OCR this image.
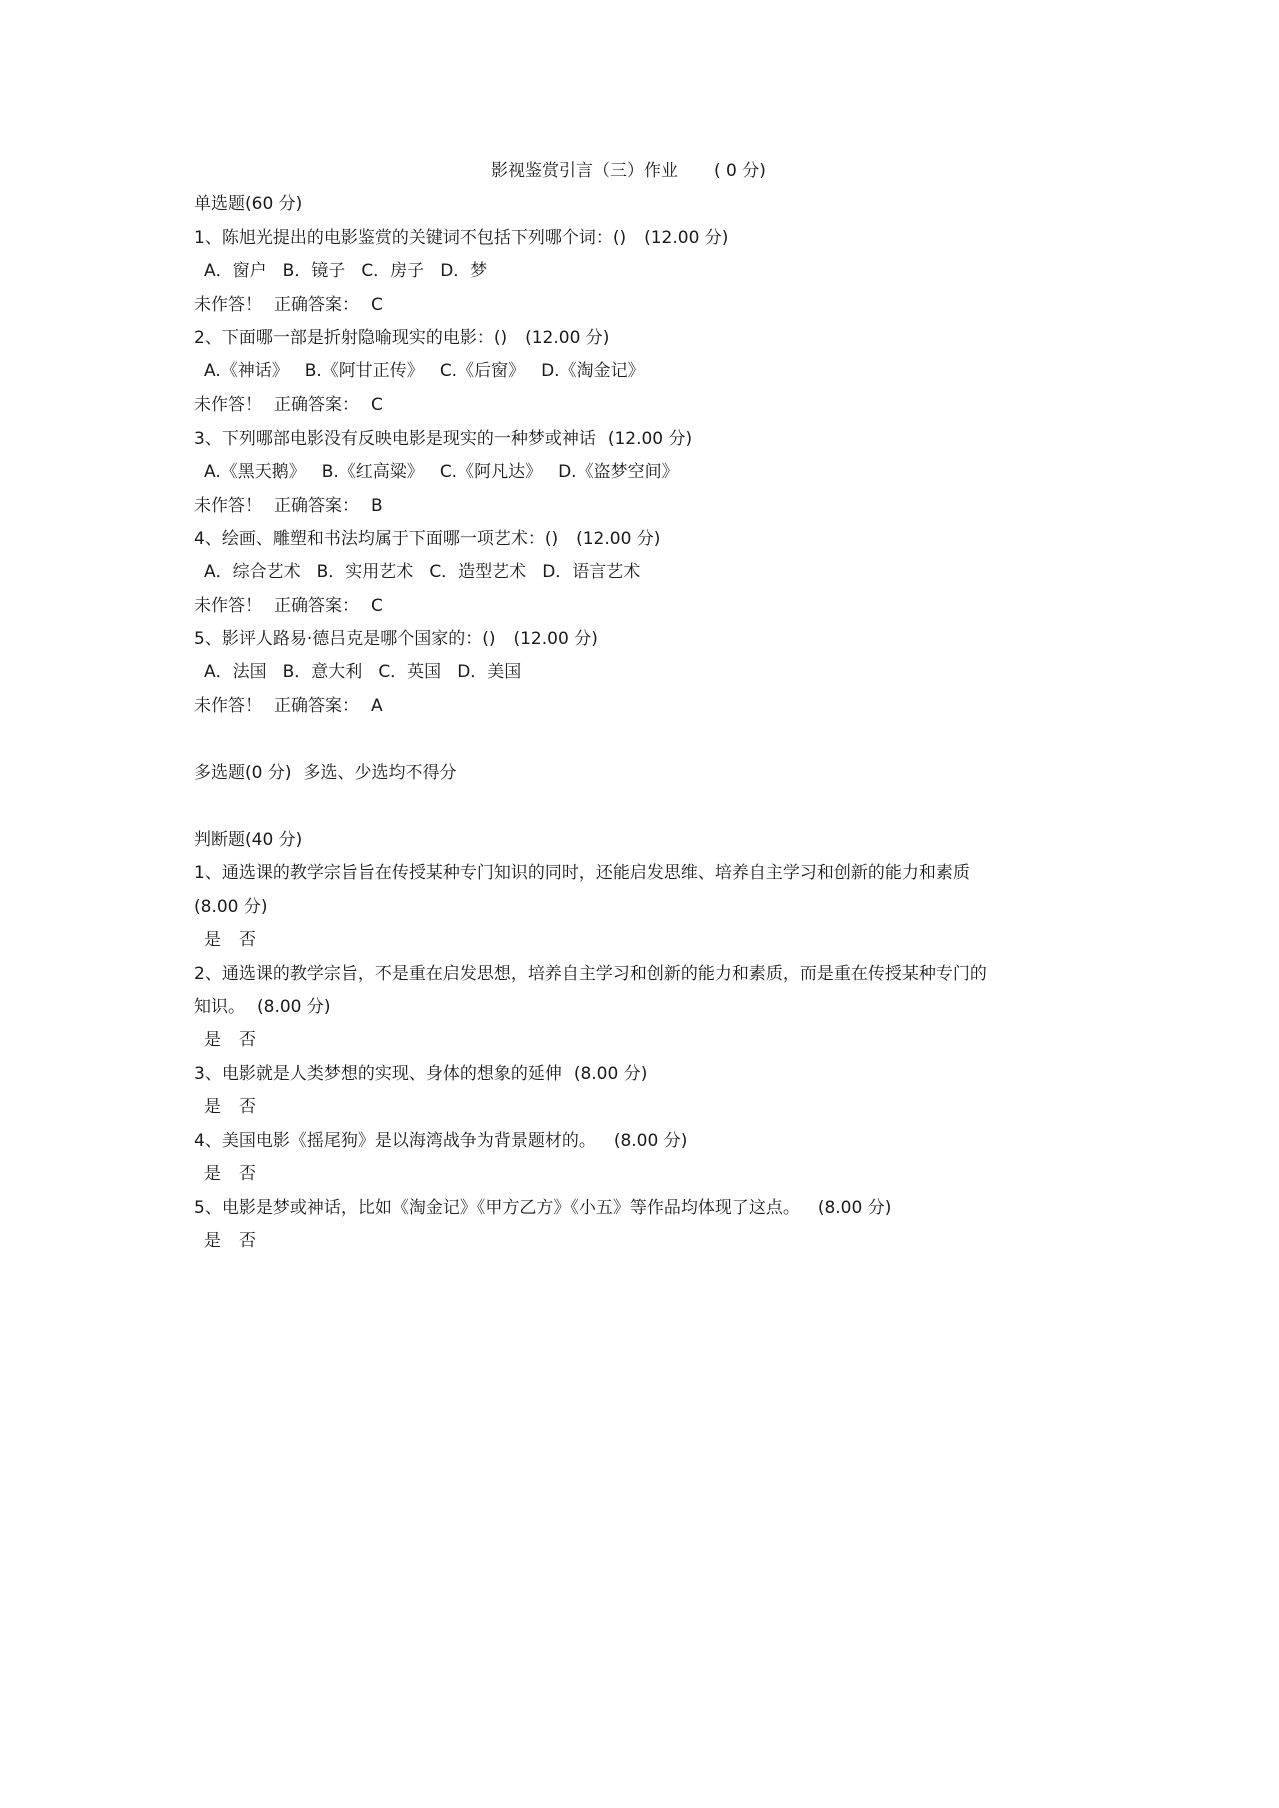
影视鉴赏引言（三）作业 ( 0 分)
单选题(60 分)
1、陈旭光提出的电影鉴赏的关键词不包括下列哪个词：() (12.00 分)
A．窗户 B．镜子 C．房子 D．梦
未作答！ 正确答案： C
2、下面哪一部是折射隐喻现实的电影：() (12.00 分)
A.《神话》 B.《阿甘正传》 C.《后窗》 D.《淘金记》
未作答！ 正确答案： C
3、下列哪部电影没有反映电影是现实的一种梦或神话 (12.00 分)
A.《黑天鹅》 B.《红高粱》 C.《阿凡达》 D.《盗梦空间》
未作答！ 正确答案： B
4、绘画、雕塑和书法均属于下面哪一项艺术：() (12.00 分)
A．综合艺术 B．实用艺术 C．造型艺术 D．语言艺术
未作答！ 正确答案： C
5、影评人路易·德吕克是哪个国家的：() (12.00 分)
A．法国 B．意大利 C．英国 D．美国
未作答！ 正确答案： A
多选题(0 分) 多选、少选均不得分
判断题(40 分)
1、通选课的教学宗旨旨在传授某种专门知识的同时，还能启发思维、培养自主学习和创新的能力和素质
(8.00 分)
是 否
2、通选课的教学宗旨，不是重在启发思想，培养自主学习和创新的能力和素质，而是重在传授某种专门的
知识。 (8.00 分)
是 否
3、电影就是人类梦想的实现、身体的想象的延伸 (8.00 分)
是 否
4、美国电影《摇尾狗》是以海湾战争为背景题材的。 (8.00 分)
是 否
5、电影是梦或神话，比如《淘金记》《甲方乙方》《小五》等作品均体现了这点。 (8.00 分)
是 否
